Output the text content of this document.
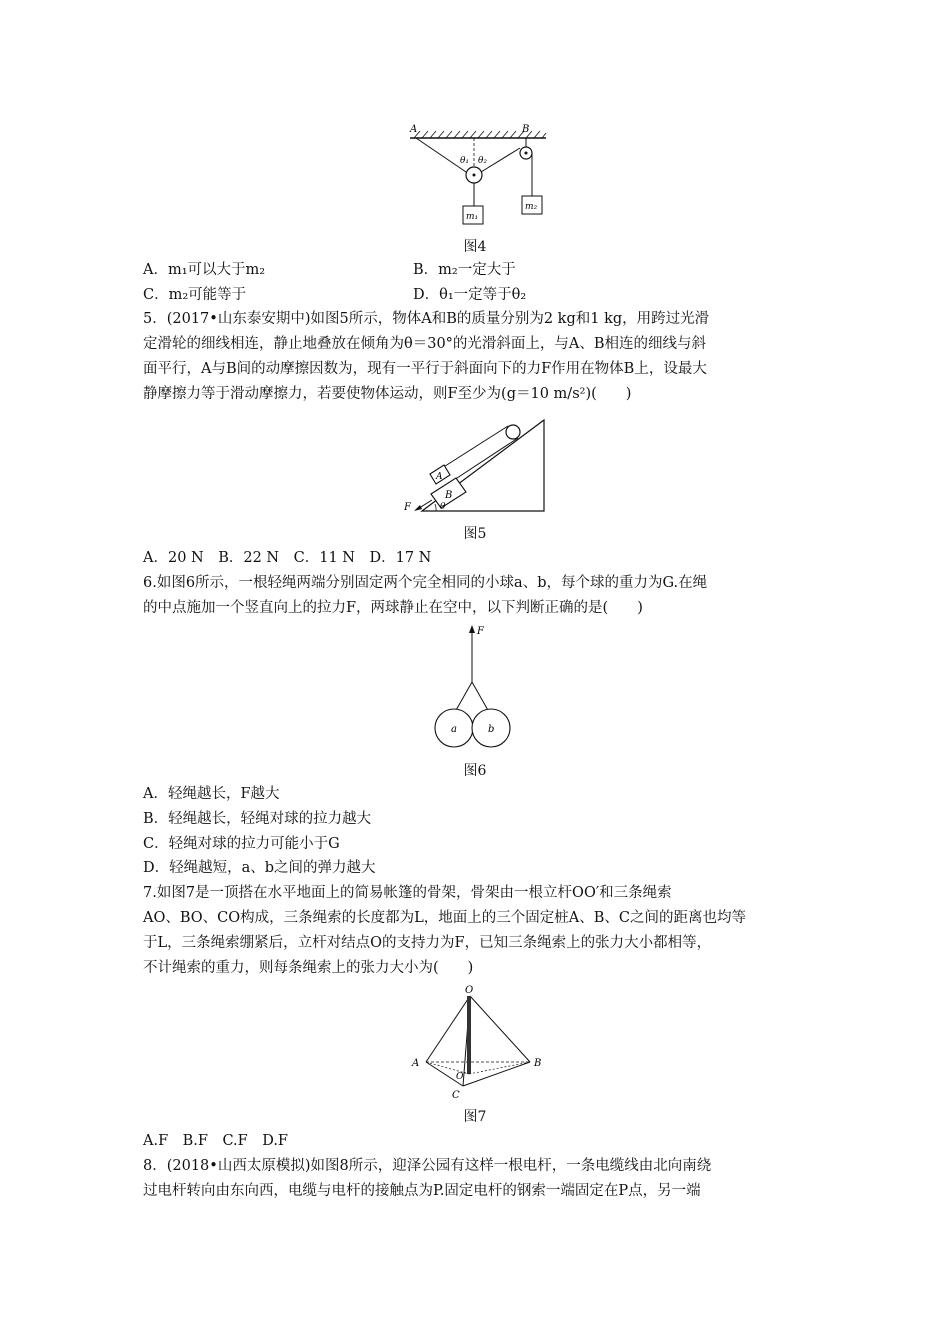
A	B
θ₁ θ₂
m₁
m₂
图4
A．m₁可以大于m₂	B．m₂一定大于
C．m₂可能等于	D．θ₁一定等于θ₂
5．(2017•山东泰安期中)如图5所示，物体A和B的质量分别为2 kg和1 kg，用跨过光滑
定滑轮的细线相连，静止地叠放在倾角为θ＝30°的光滑斜面上，与A、B相连的细线与斜
面平行，A与B间的动摩擦因数为，现有一平行于斜面向下的力F作用在物体B上，设最大
静摩擦力等于滑动摩擦力，若要使物体运动，则F至少为(g＝10 m/s²)(　　)
B
A
F	θ
图5
A．20 N　B．22 N　C．11 N　D．17 N
6.如图6所示，一根轻绳两端分别固定两个完全相同的小球a、b，每个球的重力为G.在绳
的中点施加一个竖直向上的拉力F，两球静止在空中，以下判断正确的是(　　)
F
a	b
图6
A．轻绳越长，F越大
B．轻绳越长，轻绳对球的拉力越大
C．轻绳对球的拉力可能小于G
D．轻绳越短，a、b之间的弹力越大
7.如图7是一顶搭在水平地面上的简易帐篷的骨架，骨架由一根立杆OO′和三条绳索
AO、BO、CO构成，三条绳索的长度都为L，地面上的三个固定桩A、B、C之间的距离也均等
于L，三条绳索绷紧后，立杆对结点O的支持力为F，已知三条绳索上的张力大小都相等，
不计绳索的重力，则每条绳索上的张力大小为(　　)
O
A	B
C
O′
图7
A.F　B.F　C.F　D.F
8．(2018•山西太原模拟)如图8所示，迎泽公园有这样一根电杆，一条电缆线由北向南绕
过电杆转向由东向西，电缆与电杆的接触点为P.固定电杆的钢索一端固定在P点，另一端
